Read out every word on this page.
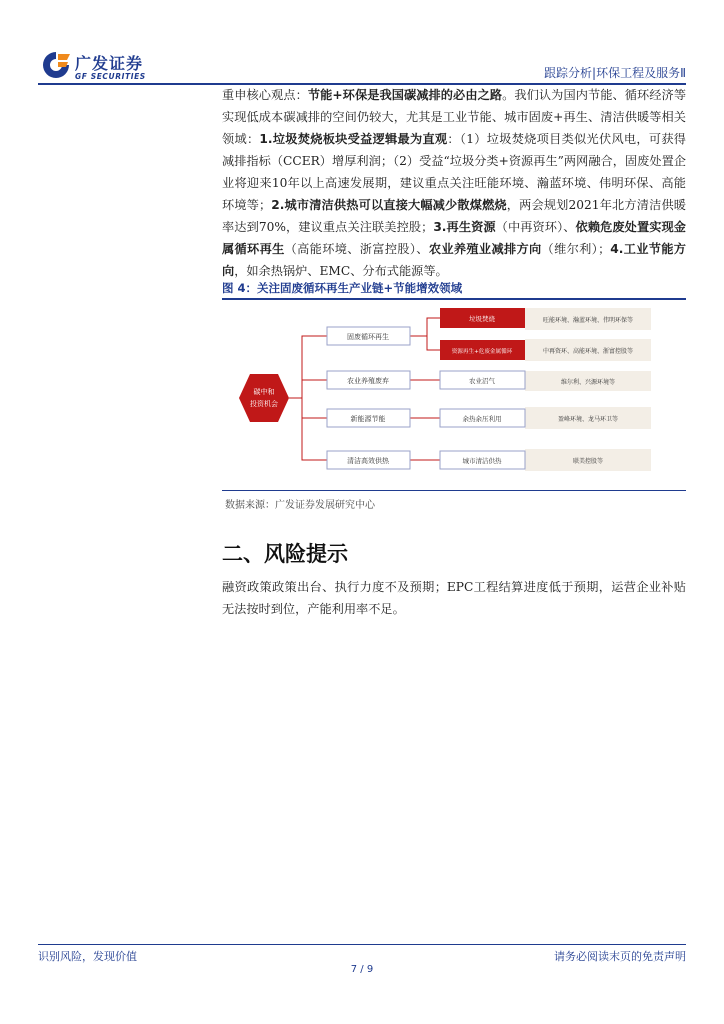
广发证券
GF SECURITIES	跟踪分析|环保工程及服务Ⅱ
重申核心观点：节能+环保是我国碳减排的必由之路。我们认为国内节能、循环经济等实现低成本碳减排的空间仍较大，尤其是工业节能、城市固废+再生、清洁供暖等相关领域：1.垃圾焚烧板块受益逻辑最为直观：（1）垃圾焚烧项目类似光伏风电，可获得减排指标（CCER）增厚利润；（2）受益“垃圾分类+资源再生”两网融合，固废处置企业将迎来10年以上高速发展期，建议重点关注旺能环境、瀚蓝环境、伟明环保、高能环境等；2.城市清洁供热可以直接大幅减少散煤燃烧，两会规划2021年北方清洁供暖率达到70%，建议重点关注联美控股；3.再生资源（中再资环）、依赖危废处置实现金属循环再生（高能环境、浙富控股）、农业养殖业减排方向（维尔利）；4.工业节能方向，如余热锅炉、EMC、分布式能源等。
图 4：关注固废循环再生产业链+节能增效领域
碳中和
投资机会
固废循环再生
农业养殖废弃
新能源节能
清洁高效供热
垃圾焚烧
资源再生+危废金属循环
农业沼气
余热余压利用
城市清洁供热
旺能环境、瀚蓝环境、伟明环保等
中再资环、高能环境、浙富控股等
维尔利、兴源环境等
盈峰环境、龙马环卫等
联美控股等
数据来源：广发证券发展研究中心
二、风险提示
融资政策政策出台、执行力度不及预期；EPC工程结算进度低于预期，运营企业补贴无法按时到位，产能利用率不足。
识别风险，发现价值	请务必阅读末页的免责声明
7 / 9
